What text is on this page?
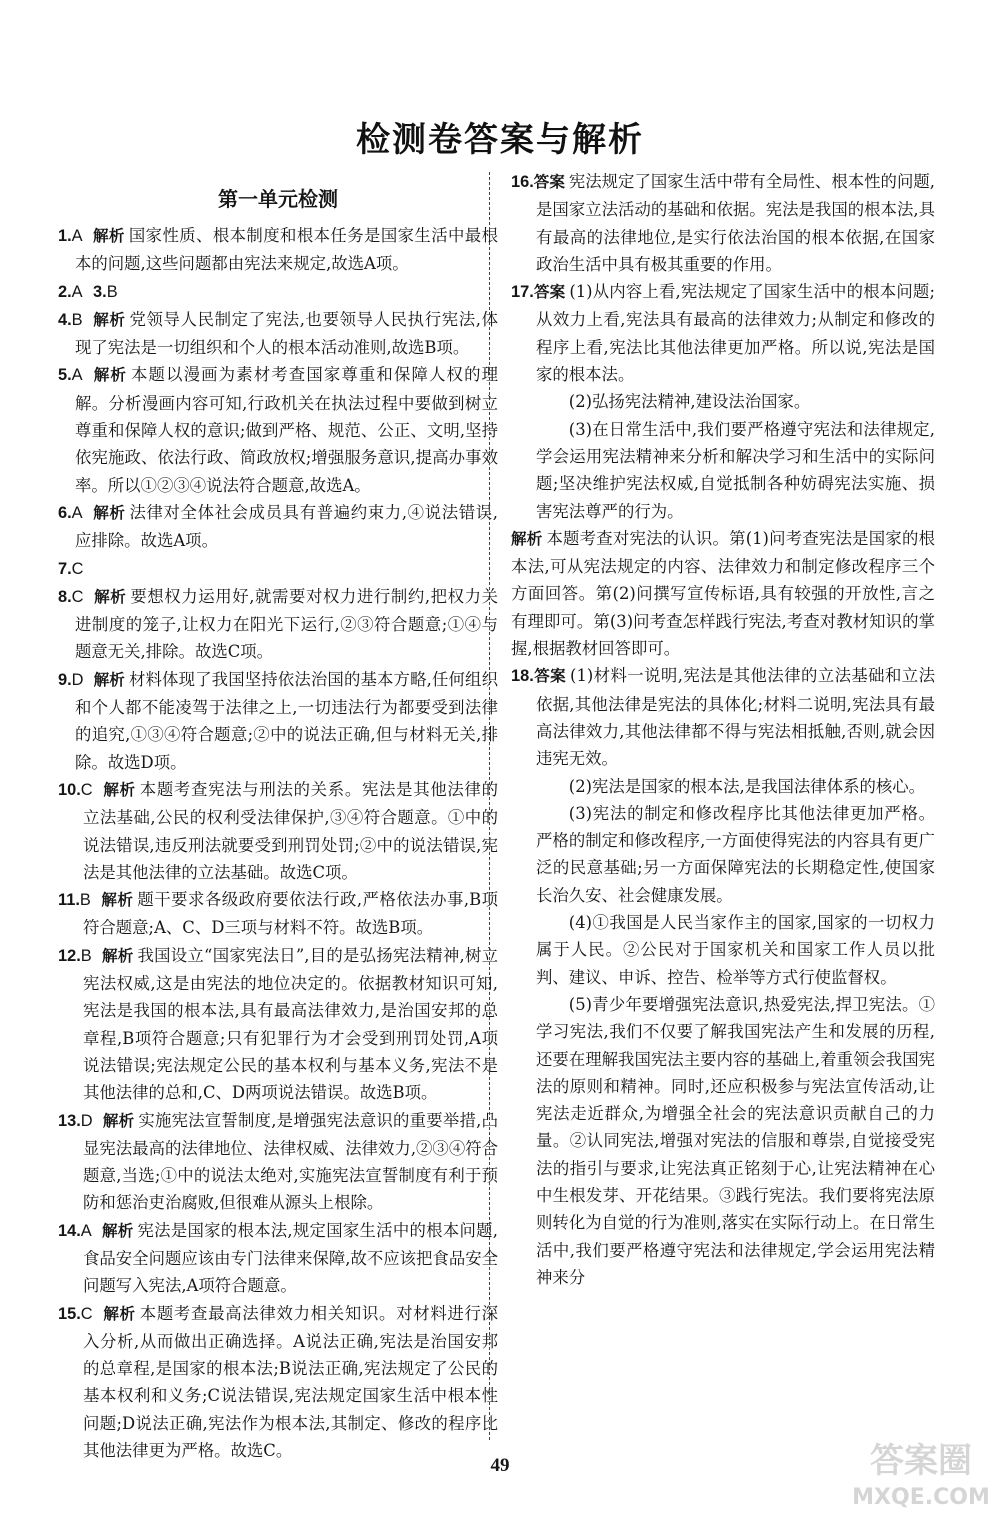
检测卷答案与解析
第一单元检测
1.A 解析 国家性质、根本制度和根本任务是国家生活中最根本的问题,这些问题都由宪法来规定,故选A项。
2.A 3.B
4.B 解析 党领导人民制定了宪法,也要领导人民执行宪法,体现了宪法是一切组织和个人的根本活动准则,故选B项。
5.A 解析 本题以漫画为素材考查国家尊重和保障人权的理解。分析漫画内容可知,行政机关在执法过程中要做到树立尊重和保障人权的意识;做到严格、规范、公正、文明,坚持依宪施政、依法行政、简政放权;增强服务意识,提高办事效率。所以①②③④说法符合题意,故选A。
6.A 解析 法律对全体社会成员具有普遍约束力,④说法错误,应排除。故选A项。
7.C
8.C 解析 要想权力运用好,就需要对权力进行制约,把权力关进制度的笼子,让权力在阳光下运行,②③符合题意;①④与题意无关,排除。故选C项。
9.D 解析 材料体现了我国坚持依法治国的基本方略,任何组织和个人都不能凌驾于法律之上,一切违法行为都要受到法律的追究,①③④符合题意;②中的说法正确,但与材料无关,排除。故选D项。
10.C 解析 本题考查宪法与刑法的关系。宪法是其他法律的立法基础,公民的权利受法律保护,③④符合题意。①中的说法错误,违反刑法就要受到刑罚处罚;②中的说法错误,宪法是其他法律的立法基础。故选C项。
11.B 解析 题干要求各级政府要依法行政,严格依法办事,B项符合题意;A、C、D三项与材料不符。故选B项。
12.B 解析 我国设立“国家宪法日”,目的是弘扬宪法精神,树立宪法权威,这是由宪法的地位决定的。依据教材知识可知,宪法是我国的根本法,具有最高法律效力,是治国安邦的总章程,B项符合题意;只有犯罪行为才会受到刑罚处罚,A项说法错误;宪法规定公民的基本权利与基本义务,宪法不是其他法律的总和,C、D两项说法错误。故选B项。
13.D 解析 实施宪法宣誓制度,是增强宪法意识的重要举措,凸显宪法最高的法律地位、法律权威、法律效力,②③④符合题意,当选;①中的说法太绝对,实施宪法宣誓制度有利于预防和惩治吏治腐败,但很难从源头上根除。
14.A 解析 宪法是国家的根本法,规定国家生活中的根本问题,食品安全问题应该由专门法律来保障,故不应该把食品安全问题写入宪法,A项符合题意。
15.C 解析 本题考查最高法律效力相关知识。对材料进行深入分析,从而做出正确选择。A说法正确,宪法是治国安邦的总章程,是国家的根本法;B说法正确,宪法规定了公民的基本权利和义务;C说法错误,宪法规定国家生活中根本性问题;D说法正确,宪法作为根本法,其制定、修改的程序比其他法律更为严格。故选C。
16.答案 宪法规定了国家生活中带有全局性、根本性的问题,是国家立法活动的基础和依据。宪法是我国的根本法,具有最高的法律地位,是实行依法治国的根本依据,在国家政治生活中具有极其重要的作用。
17.答案 (1)从内容上看,宪法规定了国家生活中的根本问题;从效力上看,宪法具有最高的法律效力;从制定和修改的程序上看,宪法比其他法律更加严格。所以说,宪法是国家的根本法。
(2)弘扬宪法精神,建设法治国家。
(3)在日常生活中,我们要严格遵守宪法和法律规定,学会运用宪法精神来分析和解决学习和生活中的实际问题;坚决维护宪法权威,自觉抵制各种妨碍宪法实施、损害宪法尊严的行为。
解析 本题考查对宪法的认识。第(1)问考查宪法是国家的根本法,可从宪法规定的内容、法律效力和制定修改程序三个方面回答。第(2)问撰写宣传标语,具有较强的开放性,言之有理即可。第(3)问考查怎样践行宪法,考查对教材知识的掌握,根据教材回答即可。
18.答案 (1)材料一说明,宪法是其他法律的立法基础和立法依据,其他法律是宪法的具体化;材料二说明,宪法具有最高法律效力,其他法律都不得与宪法相抵触,否则,就会因违宪无效。
(2)宪法是国家的根本法,是我国法律体系的核心。
(3)宪法的制定和修改程序比其他法律更加严格。严格的制定和修改程序,一方面使得宪法的内容具有更广泛的民意基础;另一方面保障宪法的长期稳定性,使国家长治久安、社会健康发展。
(4)①我国是人民当家作主的国家,国家的一切权力属于人民。②公民对于国家机关和国家工作人员以批判、建议、申诉、控告、检举等方式行使监督权。
(5)青少年要增强宪法意识,热爱宪法,捍卫宪法。①学习宪法,我们不仅要了解我国宪法产生和发展的历程,还要在理解我国宪法主要内容的基础上,着重领会我国宪法的原则和精神。同时,还应积极参与宪法宣传活动,让宪法走近群众,为增强全社会的宪法意识贡献自己的力量。②认同宪法,增强对宪法的信服和尊崇,自觉接受宪法的指引与要求,让宪法真正铭刻于心,让宪法精神在心中生根发芽、开花结果。③践行宪法。我们要将宪法原则转化为自觉的行为准则,落实在实际行动上。在日常生活中,我们要严格遵守宪法和法律规定,学会运用宪法精神来分
49	答案圈
MXQE.COM
